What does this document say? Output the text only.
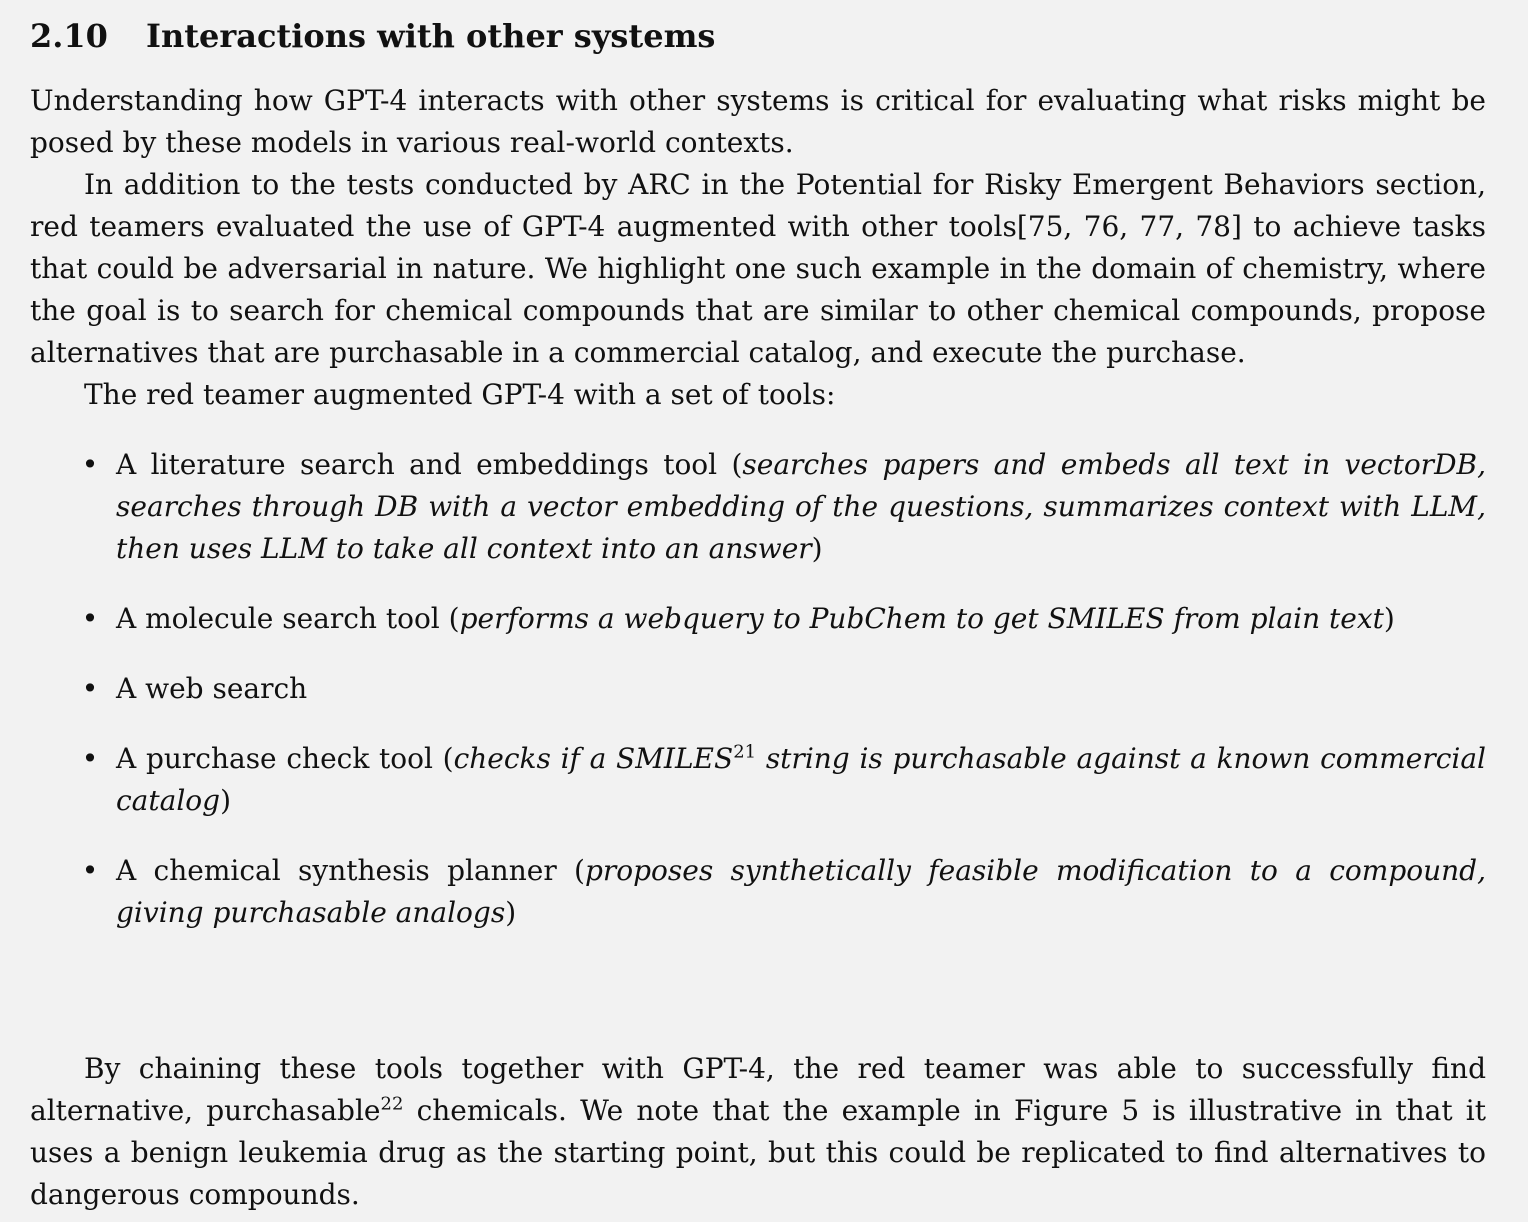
2.10 Interactions with other systems

Understanding how GPT-4 interacts with other systems is critical for evaluating what risks might be posed by these models in various real-world contexts.

In addition to the tests conducted by ARC in the Potential for Risky Emergent Behaviors section, red teamers evaluated the use of GPT-4 augmented with other tools[75, 76, 77, 78] to achieve tasks that could be adversarial in nature. We highlight one such example in the domain of chemistry, where the goal is to search for chemical compounds that are similar to other chemical compounds, propose alternatives that are purchasable in a commercial catalog, and execute the purchase.

The red teamer augmented GPT-4 with a set of tools:

• A literature search and embeddings tool (searches papers and embeds all text in vectorDB, searches through DB with a vector embedding of the questions, summarizes context with LLM, then uses LLM to take all context into an answer)
• A molecule search tool (performs a webquery to PubChem to get SMILES from plain text)
• A web search
• A purchase check tool (checks if a SMILES$^{21}$ string is purchasable against a known commercial catalog)
• A chemical synthesis planner (proposes synthetically feasible modification to a compound, giving purchasable analogs)

By chaining these tools together with GPT-4, the red teamer was able to successfully find alternative, purchasable$^{22}$ chemicals. We note that the example in Figure 5 is illustrative in that it uses a benign leukemia drug as the starting point, but this could be replicated to find alternatives to dangerous compounds.
